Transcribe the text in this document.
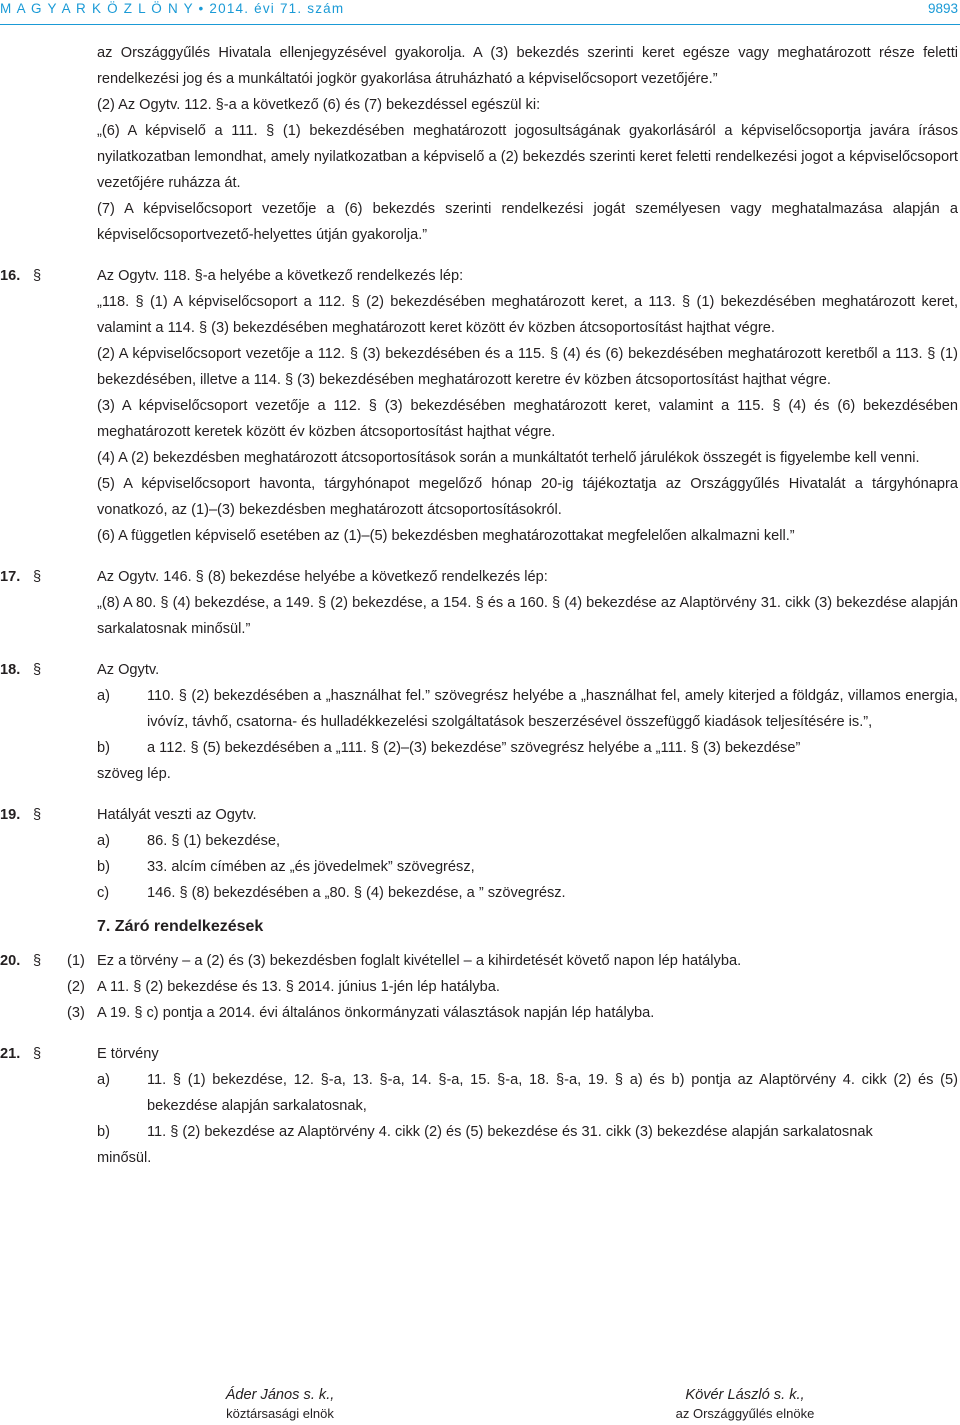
M A G Y A R K Ö Z L Ö N Y • 2014. évi 71. szám	9893

az Országgyűlés Hivatala ellenjegyzésével gyakorolja. A (3) bekezdés szerinti keret egésze vagy meghatározott része feletti rendelkezési jog és a munkáltatói jogkör gyakorlása átruházható a képviselőcsoport vezetőjére.”

(2) Az Ogytv. 112. §-a a következő (6) és (7) bekezdéssel egészül ki:

„(6) A képviselő a 111. § (1) bekezdésében meghatározott jogosultságának gyakorlásáról a képviselőcsoportja javára írásos nyilatkozatban lemondhat, amely nyilatkozatban a képviselő a (2) bekezdés szerinti keret feletti rendelkezési jogot a képviselőcsoport vezetőjére ruházza át.

(7) A képviselőcsoport vezetője a (6) bekezdés szerinti rendelkezési jogát személyesen vagy meghatalmazása alapján a képviselőcsoportvezető-helyettes útján gyakorolja.”

16. §	Az Ogytv. 118. §-a helyébe a következő rendelkezés lép:

„118. § (1) A képviselőcsoport a 112. § (2) bekezdésében meghatározott keret, a 113. § (1) bekezdésében meghatározott keret, valamint a 114. § (3) bekezdésében meghatározott keret között év közben átcsoportosítást hajthat végre.

(2) A képviselőcsoport vezetője a 112. § (3) bekezdésében és a 115. § (4) és (6) bekezdésében meghatározott keretből a 113. § (1) bekezdésében, illetve a 114. § (3) bekezdésében meghatározott keretre év közben átcsoportosítást hajthat végre.

(3) A képviselőcsoport vezetője a 112. § (3) bekezdésében meghatározott keret, valamint a 115. § (4) és (6) bekezdésében meghatározott keretek között év közben átcsoportosítást hajthat végre.

(4) A (2) bekezdésben meghatározott átcsoportosítások során a munkáltatót terhelő járulékok összegét is figyelembe kell venni.

(5) A képviselőcsoport havonta, tárgyhónapot megelőző hónap 20-ig tájékoztatja az Országgyűlés Hivatalát a tárgyhónapra vonatkozó, az (1)–(3) bekezdésben meghatározott átcsoportosításokról.

(6) A független képviselő esetében az (1)–(5) bekezdésben meghatározottakat megfelelően alkalmazni kell.”

17. §	Az Ogytv. 146. § (8) bekezdése helyébe a következő rendelkezés lép:

„(8) A 80. § (4) bekezdése, a 149. § (2) bekezdése, a 154. § és a 160. § (4) bekezdése az Alaptörvény 31. cikk (3) bekezdése alapján sarkalatosnak minősül.”

18. §	Az Ogytv.

a)	110. § (2) bekezdésében a „használhat fel.” szövegrész helyébe a „használhat fel, amely kiterjed a földgáz, villamos energia, ivóvíz, távhő, csatorna- és hulladékkezelési szolgáltatások beszerzésével összefüggő kiadások teljesítésére is.”,

b)	a 112. § (5) bekezdésében a „111. § (2)–(3) bekezdése” szövegrész helyébe a „111. § (3) bekezdése”

szöveg lép.

19. §	Hatályát veszti az Ogytv.

a)	86. § (1) bekezdése,

b)	33. alcím címében az „és jövedelmek” szövegrész,

c)	146. § (8) bekezdésében a „80. § (4) bekezdése, a ” szövegrész.

7. Záró rendelkezések

20. § (1) Ez a törvény – a (2) és (3) bekezdésben foglalt kivétellel – a kihirdetését követő napon lép hatályba.

(2) A 11. § (2) bekezdése és 13. § 2014. június 1-jén lép hatályba.

(3) A 19. § c) pontja a 2014. évi általános önkormányzati választások napján lép hatályba.

21. §	E törvény

a)	11. § (1) bekezdése, 12. §-a, 13. §-a, 14. §-a, 15. §-a, 18. §-a, 19. § a) és b) pontja az Alaptörvény 4. cikk (2) és (5) bekezdése alapján sarkalatosnak,

b)	11. § (2) bekezdése az Alaptörvény 4. cikk (2) és (5) bekezdése és 31. cikk (3) bekezdése alapján sarkalatosnak

minősül.

Áder János s. k.,
köztársasági elnök
Kövér László s. k.,
az Országgyűlés elnöke
